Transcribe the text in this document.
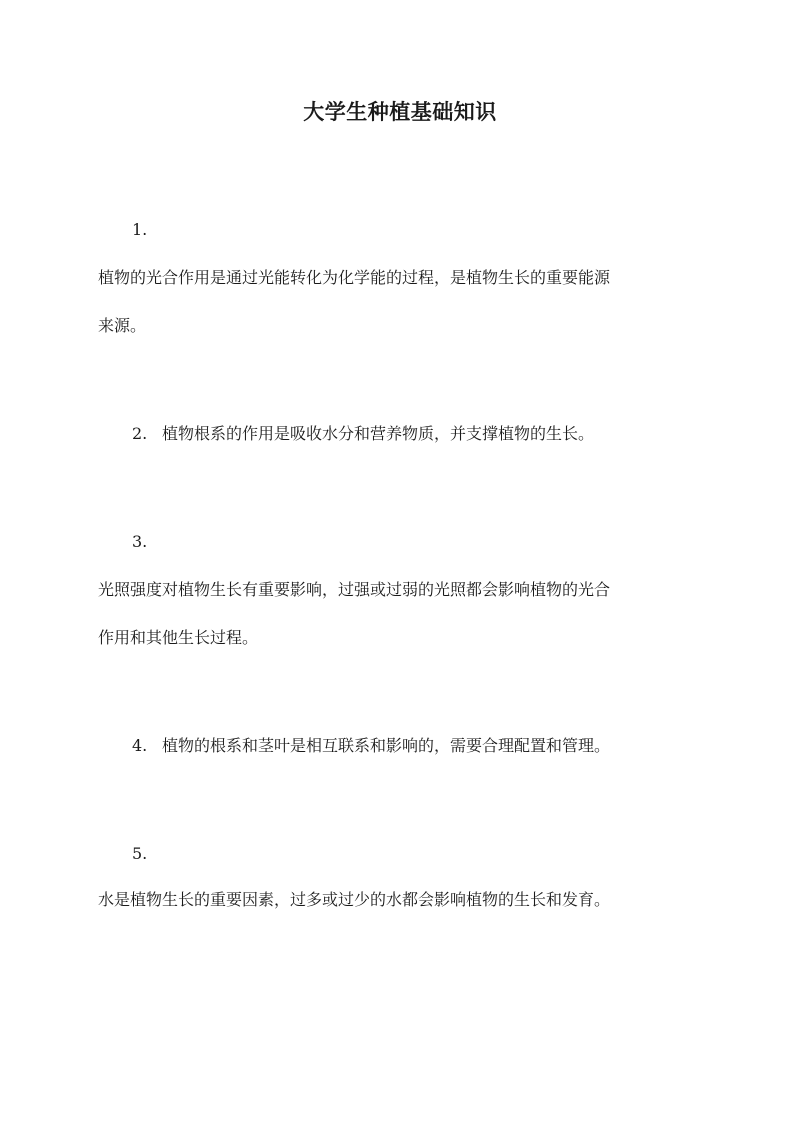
大学生种植基础知识

1.

植物的光合作用是通过光能转化为化学能的过程，是植物生长的重要能源

来源。

2. 植物根系的作用是吸收水分和营养物质，并支撑植物的生长。

3.

光照强度对植物生长有重要影响，过强或过弱的光照都会影响植物的光合

作用和其他生长过程。

4. 植物的根系和茎叶是相互联系和影响的，需要合理配置和管理。

5.

水是植物生长的重要因素，过多或过少的水都会影响植物的生长和发育。
